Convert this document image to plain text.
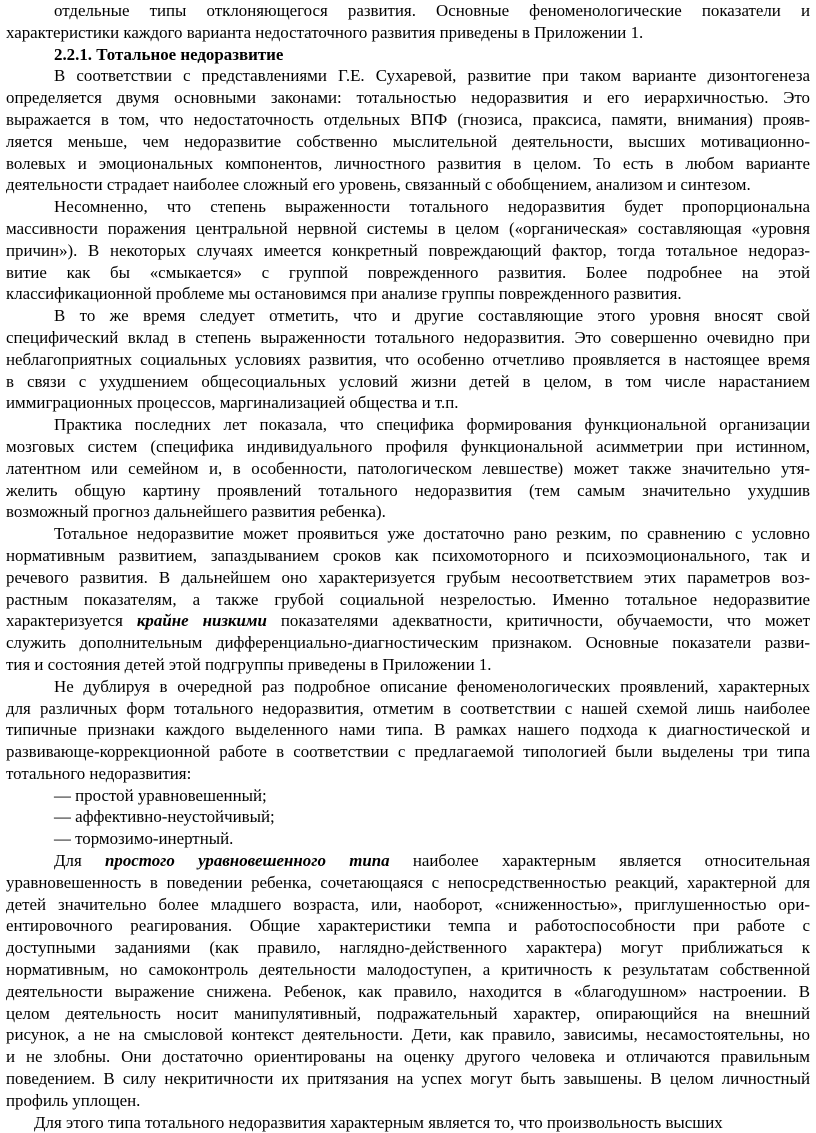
отдельные типы отклоняющегося развития. Основные феноменологические показатели и
характеристики каждого варианта недостаточного развития приведены в Приложении 1.
2.2.1. Тотальное недоразвитие
В соответствии с представлениями Г.Е. Сухаревой, развитие при таком варианте дизонтогенеза
определяется двумя основными законами: тотальностью недоразвития и его иерархичностью. Это
выражается в том, что недостаточность отдельных ВПФ (гнозиса, праксиса, памяти, внимания) прояв-
ляется меньше, чем недоразвитие собственно мыслительной деятельности, высших мотивационно-
волевых и эмоциональных компонентов, личностного развития в целом. То есть в любом варианте
деятельности страдает наиболее сложный его уровень, связанный с обобщением, анализом и синтезом.
Несомненно, что степень выраженности тотального недоразвития будет пропорциональна
массивности поражения центральной нервной системы в целом («органическая» составляющая «уровня
причин»). В некоторых случаях имеется конкретный повреждающий фактор, тогда тотальное недораз-
витие как бы «смыкается» с группой поврежденного развития. Более подробнее на этой
классификационной проблеме мы остановимся при анализе группы поврежденного развития.
В то же время следует отметить, что и другие составляющие этого уровня вносят свой
специфический вклад в степень выраженности тотального недоразвития. Это совершенно очевидно при
неблагоприятных социальных условиях развития, что особенно отчетливо проявляется в настоящее время
в связи с ухудшением общесоциальных условий жизни детей в целом, в том числе нарастанием
иммиграционных процессов, маргинализацией общества и т.п.
Практика последних лет показала, что специфика формирования функциональной организации
мозговых систем (специфика индивидуального профиля функциональной асимметрии при истинном,
латентном или семейном и, в особенности, патологическом левшестве) может также значительно утя-
желить общую картину проявлений тотального недоразвития (тем самым значительно ухудшив
возможный прогноз дальнейшего развития ребенка).
Тотальное недоразвитие может проявиться уже достаточно рано резким, по сравнению с условно
нормативным развитием, запаздыванием сроков как психомоторного и психоэмоционального, так и
речевого развития. В дальнейшем оно характеризуется грубым несоответствием этих параметров воз-
растным показателям, а также грубой социальной незрелостью. Именно тотальное недоразвитие
характеризуется крайне низкими показателями адекватности, критичности, обучаемости, что может
служить дополнительным дифференциально-диагностическим признаком. Основные показатели разви-
тия и состояния детей этой подгруппы приведены в Приложении 1.
Не дублируя в очередной раз подробное описание феноменологических проявлений, характерных
для различных форм тотального недоразвития, отметим в соответствии с нашей схемой лишь наиболее
типичные признаки каждого выделенного нами типа. В рамках нашего подхода к диагностической и
развивающе-коррекционной работе в соответствии с предлагаемой типологией были выделены три типа
тотального недоразвития:
— простой уравновешенный;
— аффективно-неустойчивый;
— тормозимо-инертный.
Для простого уравновешенного типа наиболее характерным является относительная
уравновешенность в поведении ребенка, сочетающаяся с непосредственностью реакций, характерной для
детей значительно более младшего возраста, или, наоборот, «сниженностью», приглушенностью ори-
ентировочного реагирования. Общие характеристики темпа и работоспособности при работе с
доступными заданиями (как правило, наглядно-действенного характера) могут приближаться к
нормативным, но самоконтроль деятельности малодоступен, а критичность к результатам собственной
деятельности выражение снижена. Ребенок, как правило, находится в «благодушном» настроении. В
целом деятельность носит манипулятивный, подражательный характер, опирающийся на внешний
рисунок, а не на смысловой контекст деятельности. Дети, как правило, зависимы, несамостоятельны, но
и не злобны. Они достаточно ориентированы на оценку другого человека и отличаются правильным
поведением. В силу некритичности их притязания на успех могут быть завышены. В целом личностный
профиль уплощен.
Для этого типа тотального недоразвития характерным является то, что произвольность высших
